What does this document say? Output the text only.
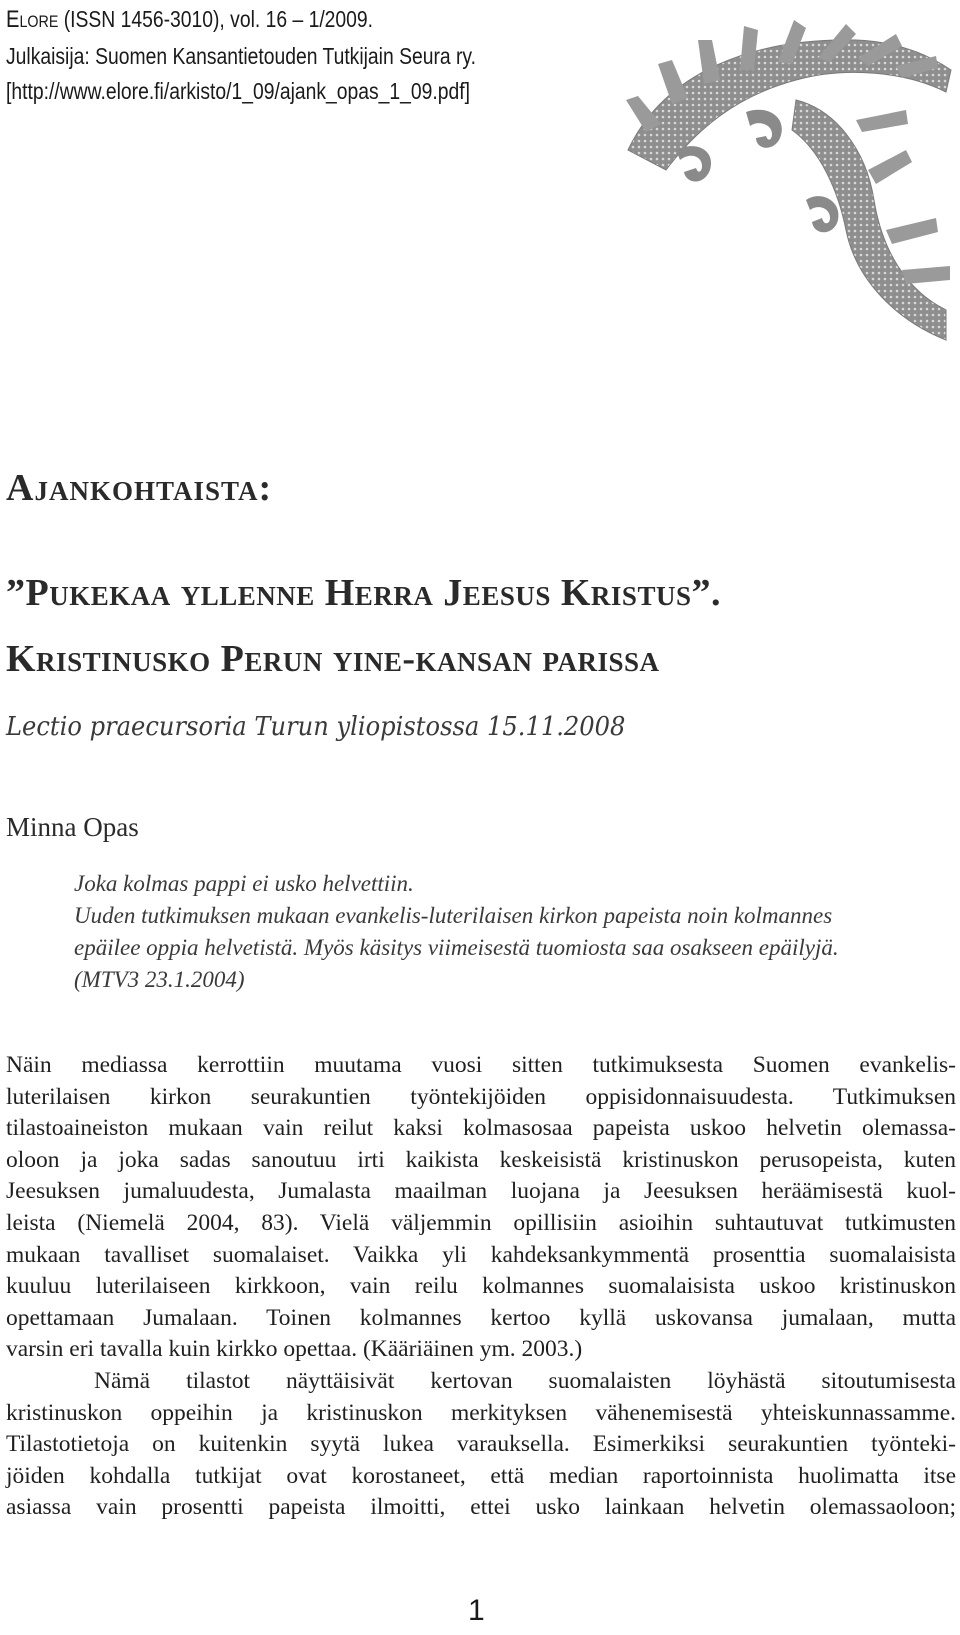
ELORE (ISSN 1456-3010), vol. 16 – 1/2009.
Julkaisija: Suomen Kansantietouden Tutkijain Seura ry.
[http://www.elore.fi/arkisto/1_09/ajank_opas_1_09.pdf]
Ajankohtaista:
”Pukekaa yllenne Herra Jeesus Kristus”.
Kristinusko Perun yine-kansan parissa
Lectio praecursoria Turun yliopistossa 15.11.2008
Minna Opas
Joka kolmas pappi ei usko helvettiin.
Uuden tutkimuksen mukaan evankelis-luterilaisen kirkon papeista noin kolmannes
epäilee oppia helvetistä. Myös käsitys viimeisestä tuomiosta saa osakseen epäilyjä.
(MTV3 23.1.2004)
Näin mediassa kerrottiin muutama vuosi sitten tutkimuksesta Suomen evankelis-
luterilaisen kirkon seurakuntien työntekijöiden oppisidonnaisuudesta. Tutkimuksen
tilastoaineiston mukaan vain reilut kaksi kolmasosaa papeista uskoo helvetin olemassa-
oloon ja joka sadas sanoutuu irti kaikista keskeisistä kristinuskon perusopeista, kuten
Jeesuksen jumaluudesta, Jumalasta maailman luojana ja Jeesuksen heräämisestä kuol-
leista (Niemelä 2004, 83). Vielä väljemmin opillisiin asioihin suhtautuvat tutkimusten
mukaan tavalliset suomalaiset. Vaikka yli kahdeksankymmentä prosenttia suomalaisista
kuuluu luterilaiseen kirkkoon, vain reilu kolmannes suomalaisista uskoo kristinuskon
opettamaan Jumalaan. Toinen kolmannes kertoo kyllä uskovansa jumalaan, mutta
varsin eri tavalla kuin kirkko opettaa. (Kääriäinen ym. 2003.)
Nämä tilastot näyttäisivät kertovan suomalaisten löyhästä sitoutumisesta
kristinuskon oppeihin ja kristinuskon merkityksen vähenemisestä yhteiskunnassamme.
Tilastotietoja on kuitenkin syytä lukea varauksella. Esimerkiksi seurakuntien työnteki-
jöiden kohdalla tutkijat ovat korostaneet, että median raportoinnista huolimatta itse
asiassa vain prosentti papeista ilmoitti, ettei usko lainkaan helvetin olemassaoloon;
1
